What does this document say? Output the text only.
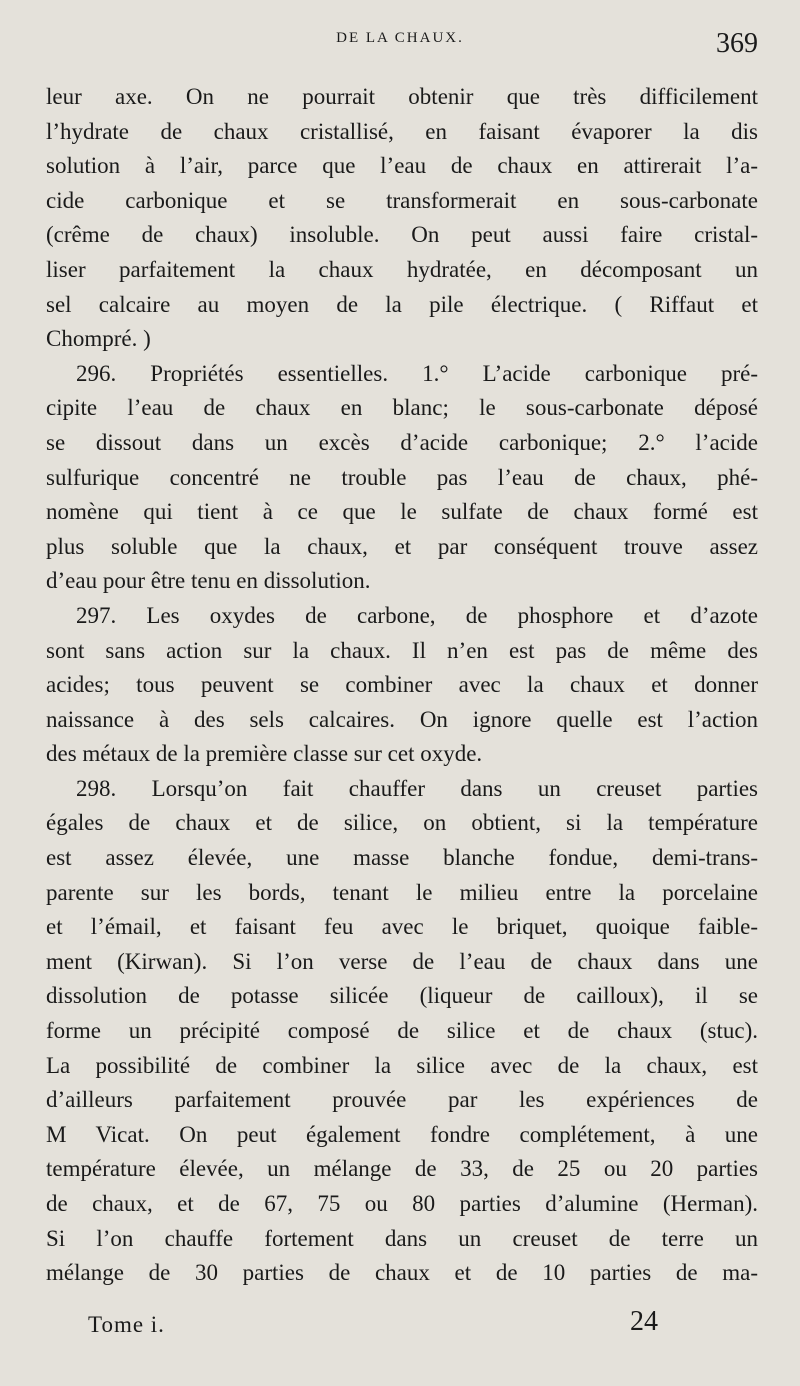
DE LA CHAUX.	369
leur axe. On ne pourrait obtenir que très difficilement
l’hydrate de chaux cristallisé, en faisant évaporer la dis
solution à l’air, parce que l’eau de chaux en attirerait l’a-
cide carbonique et se transformerait en sous-carbonate
(crême de chaux) insoluble. On peut aussi faire cristal-
liser parfaitement la chaux hydratée, en décomposant un
sel calcaire au moyen de la pile électrique. ( Riffaut et
Chompré. )
296. Propriétés essentielles. 1.° L’acide carbonique pré-
cipite l’eau de chaux en blanc; le sous-carbonate déposé
se dissout dans un excès d’acide carbonique; 2.° l’acide
sulfurique concentré ne trouble pas l’eau de chaux, phé-
nomène qui tient à ce que le sulfate de chaux formé est
plus soluble que la chaux, et par conséquent trouve assez
d’eau pour être tenu en dissolution.
297. Les oxydes de carbone, de phosphore et d’azote
sont sans action sur la chaux. Il n’en est pas de même des
acides; tous peuvent se combiner avec la chaux et donner
naissance à des sels calcaires. On ignore quelle est l’action
des métaux de la première classe sur cet oxyde.
298. Lorsqu’on fait chauffer dans un creuset parties
égales de chaux et de silice, on obtient, si la température
est assez élevée, une masse blanche fondue, demi-trans-
parente sur les bords, tenant le milieu entre la porcelaine
et l’émail, et faisant feu avec le briquet, quoique faible-
ment (Kirwan). Si l’on verse de l’eau de chaux dans une
dissolution de potasse silicée (liqueur de cailloux), il se
forme un précipité composé de silice et de chaux (stuc).
La possibilité de combiner la silice avec de la chaux, est
d’ailleurs parfaitement prouvée par les expériences de
M Vicat. On peut également fondre complétement, à une
température élevée, un mélange de 33, de 25 ou 20 parties
de chaux, et de 67, 75 ou 80 parties d’alumine (Herman).
Si l’on chauffe fortement dans un creuset de terre un
mélange de 30 parties de chaux et de 10 parties de ma-
Tome i.	24
